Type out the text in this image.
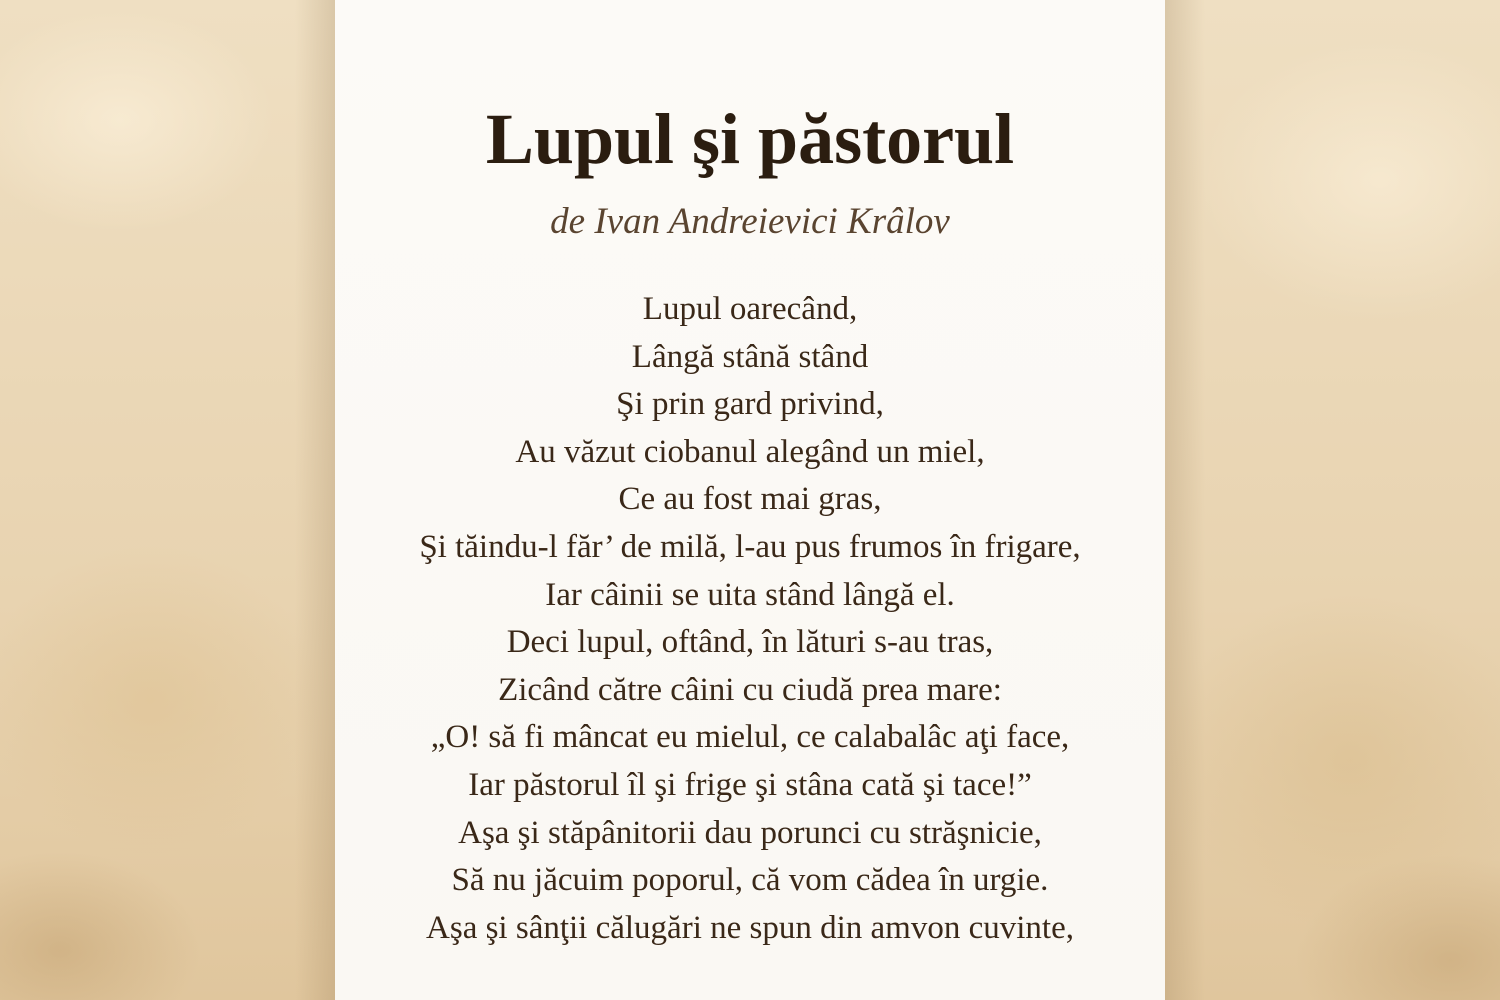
Lupul şi păstorul

de Ivan Andreievici Krâlov

Lupul oarecând,
Lângă stână stând
Şi prin gard privind,
Au văzut ciobanul alegând un miel,
Ce au fost mai gras,
Şi tăindu-l făr’ de milă, l-au pus frumos în frigare,
Iar câinii se uita stând lângă el.
Deci lupul, oftând, în lături s-au tras,
Zicând către câini cu ciudă prea mare:
„O! să fi mâncat eu mielul, ce calabalâc aţi face,
Iar păstorul îl şi frige şi stâna cată şi tace!”
Aşa şi stăpânitorii dau porunci cu străşnicie,
Să nu jăcuim poporul, că vom cădea în urgie.
Aşa şi sânţii călugări ne spun din amvon cuvinte,
